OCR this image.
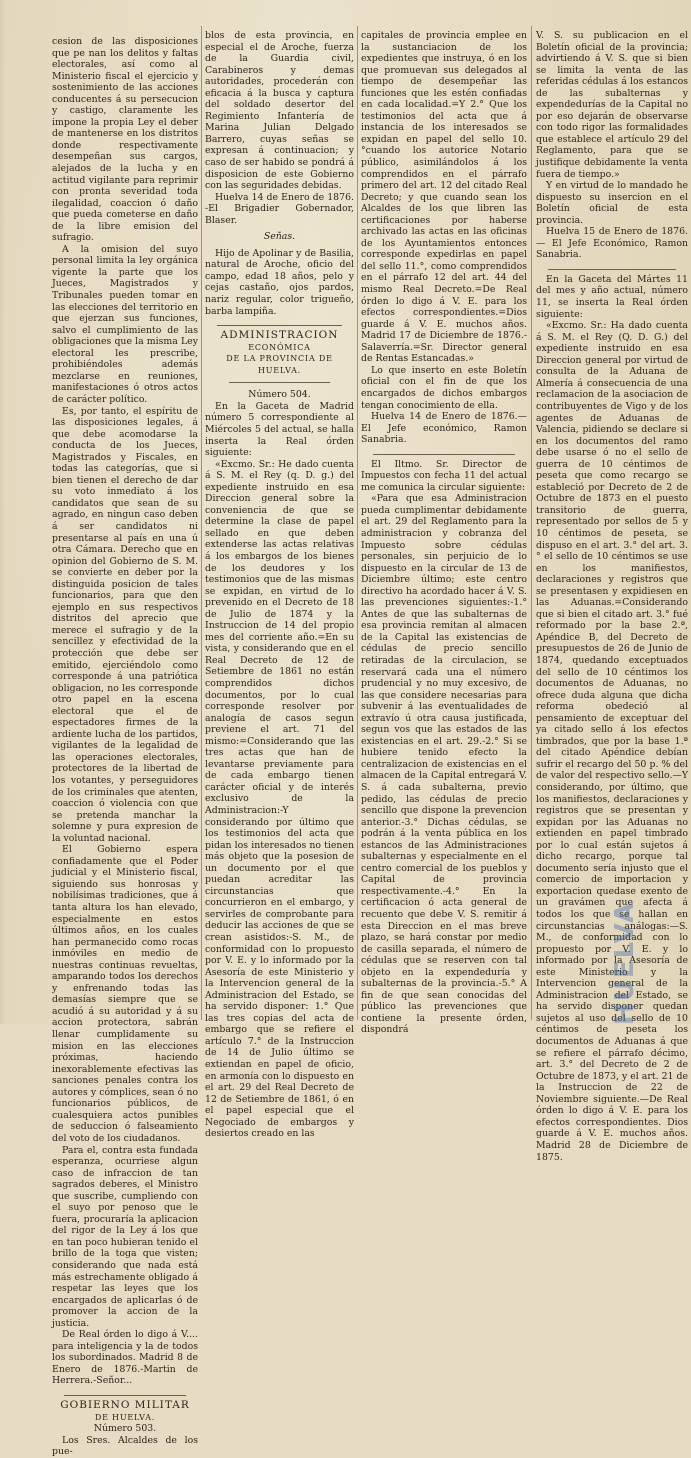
cesion de las disposiciones que pe nan los delitos y faltas electorales, así como al Ministerio fiscal el ejercicio y sostenimiento de las acciones conducentes á su persecucion y castigo, claramente les impone la propia Ley el deber de mantenerse en los distritos donde respectivamente desempeñan sus cargos, alejados de la lucha y en actitud vigilante para reprimir con pronta severidad toda ilegalidad, coaccion ó daño que pueda cometerse en daño de la libre emision del sufragio.

A la omision del suyo personal limita la ley orgánica vigente la parte que los Jueces, Magistrados y Tribunales pueden tomar en las elecciones del territorio en que ejerzan sus funciones, salvo el cumplimiento de las obligaciones que la misma Ley electoral les prescribe, prohibiéndoles además mezclarse en reuniones, manifestaciones ó otros actos de carácter político.

Es, por tanto, el espíritu de las disposiciones legales, á que debe acomodarse la conducta de los Jueces, Magistrados y Fiscales, en todas las categorías, que si bien tienen el derecho de dar su voto inmediato á los candidatos que sean de su agrado, en ningun caso deben á ser candidatos ni presentarse al país en una ú otra Cámara. Derecho que en opinion del Gobierno de S. M. se convierte en deber por la distinguida posicion de tales funcionarios, para que den ejemplo en sus respectivos distritos del aprecio que merece el sufragio y de la sencillez y efectividad de la protección que debe ser emitido, ejerciéndolo como corresponde á una patriótica obligacion, no les corresponde otro papel en la escena electoral que el de espectadores firmes de la ardiente lucha de los partidos, vigilantes de la legalidad de las operaciones electorales, protectores de la libertad de los votantes, y perseguidores de los criminales que atenten, coaccion ó violencia con que se pretenda manchar la solemne y pura expresion de la voluntad nacional.

El Gobierno espera confiadamente que el Poder judicial y el Ministerio fiscal, siguiendo sus honrosas y nobilísimas tradiciones, que á tanta altura los han elevado, especialmente en estos últimos años, en los cuales han permanecido como rocas inmóviles en medio de nuestras continuas revueltas, amparando todos los derechos y enfrenando todas las demasías siempre que se acudió á su autoridad y á su accion protectora, sabrán llenar cumplidamente su mision en las elecciones próximas, haciendo inexorablemente efectivas las sanciones penales contra los autores y cómplices, sean ó no funcionarios públicos, de cualesquiera actos punibles de seduccion ó falseamiento del voto de los ciudadanos.

Para el, contra esta fundada esperanza, ocurriese algun caso de infraccion de tan sagrados deberes, el Ministro que suscribe, cumpliendo con el suyo por penoso que le fuera, procuraría la aplicacion del rigor de la Ley á los que en tan poco hubieran tenido el brillo de la toga que visten; considerando que nada está más estrechamente obligado á respetar las leyes que los encargados de aplicarlas ó de promover la accion de la justicia.

De Real órden lo digo á V.... para inteligencia y la de todos los subordinados. Madrid 8 de Enero de 1876.-Martin de Herrera.-Señor...

GOBIERNO MILITAR

DE HUELVA.

Número 503.

Los Sres. Alcaldes de los pue-

blos de esta provincia, en especial el de Aroche, fuerza de la Guardia civil, Carabineros y demas autoridades, procederán con eficacia á la busca y captura del soldado desertor del Regimiento Infantería de Marina Julian Delgado Barrero, cuyas señas se expresan á continuacion; y caso de ser habido se pondrá á disposicion de este Gobierno con las seguridades debidas.

Huelva 14 de Enero de 1876. -El Brigadier Gobernador, Blaser.

Señas.

Hijo de Apolinar y de Basilia, natural de Aroche, oficio del campo, edad 18 años, pelo y cejas castaño, ojos pardos, nariz regular, color trigueño, barba lampiña.

ADMINISTRACION

ECONÓMICA

DE LA PROVINCIA DE HUELVA.

Número 504.

En la Gaceta de Madrid número 5 correspondiente al Miércoles 5 del actual, se halla inserta la Real órden siguiente:

«Excmo. Sr.: He dado cuenta á S. M. el Rey (q. D. g.) del expediente instruido en esa Direccion general sobre la conveniencia de que se determine la clase de papel sellado en que deben extenderse las actas relativas á los embargos de los bienes de los deudores y los testimonios que de las mismas se expidan, en virtud de lo prevenido en el Decreto de 18 de Julio de 1874 y la Instruccion de 14 del propio mes del corriente año.=En su vista, y considerando que en el Real Decreto de 12 de Setiembre de 1861 no están comprendidos dichos documentos, por lo cual corresponde resolver por analogía de casos segun previene el art. 71 del mismo:=Considerando que las tres actas que han de levantarse previamente para de cada embargo tienen carácter oficial y de interés exclusivo de la Administracion:-Y considerando por último que los testimonios del acta que pidan los interesados no tienen más objeto que la posesion de un documento por el que puedan acreditar las circunstancias que concurrieron en el embargo, y servirles de comprobante para deducir las acciones de que se crean asistidos:-S. M., de conformidad con lo propuesto por V. E. y lo informado por la Asesoría de este Ministerio y la Intervencion general de la Administracion del Estado, se ha servido disponer: 1.° Que las tres copias del acta de embargo que se refiere el artículo 7.° de la Instruccion de 14 de Julio último se extiendan en papel de oficio, en armonía con lo dispuesto en el art. 29 del Real Decreto de 12 de Setiembre de 1861, ó en el papel especial que el Negociado de embargos y desiertos creado en las

capitales de provincia emplee en la sustanciacion de los expedientes que instruya, ó en los que promuevan sus delegados al tiempo de desempeñar las funciones que les estén confiadas en cada localidad.=Y 2.° Que los testimonios del acta que á instancia de los interesados se expidan en papel del sello 10.°cuando los autorice Notario público, asimilándolos á los comprendidos en el párrafo primero del art. 12 del citado Real Decreto; y que cuando sean los Alcaldes de los que libren las certificaciones por haberse archivado las actas en las oficinas de los Ayuntamientos entonces corresponde expedirlas en papel del sello 11.°, como comprendidos en el párrafo 12 del art. 44 del mismo Real Decreto.=De Real órden lo digo á V. E. para los efectos correspondientes.=Dios guarde á V. E. muchos años. Madrid 17 de Diciembre de 1876.-Salaverría.=Sr. Director general de Rentas Estancadas.»

Lo que inserto en este Boletín oficial con el fin de que los encargados de dichos embargos tengan conocimiento de ella.

Huelva 14 de Enero de 1876.— El Jefe económico, Ramon Sanabria.

El Iltmo. Sr. Director de Impuestos con fecha 11 del actual me comunica la circular siguiente:

«Para que esa Administracion pueda cumplimentar debidamente el art. 29 del Reglamento para la administracion y cobranza del Impuesto sobre cédulas personales, sin perjuicio de lo dispuesto en la circular de 13 de Diciembre último; este centro directivo ha acordado hacer á V. S. las prevenciones siguientes:-1.° Antes de que las subalternas de esa provincia remitan al almacen de la Capital las existencias de cédulas de precio sencillo retiradas de la circulacion, se reservará cada una el número prudencial y no muy excesivo, de las que considere necesarias para subvenir á las eventualidades de extravío ú otra causa justificada, segun vos que las estados de las existencias en el art. 29.-2.° Si se hubiere tenido efecto la centralizacion de existencias en el almacen de la Capital entregará V. S. á cada subalterna, previo pedido, las cédulas de precio sencillo que dispone la prevencion anterior.-3.° Dichas cédulas, se podrán á la venta pública en los estancos de las Administraciones subalternas y especialmente en el centro comercial de los pueblos y Capital de provincia respectivamente.-4.° En la certificacion ó acta general de recuento que debe V. S. remitir á esta Direccion en el mas breve plazo, se hará constar por medio de casilla separada, el número de cédulas que se reserven con tal objeto en la expendeduría y subalternas de la provincia.-5.° A fin de que sean conocidas del público las prevenciones que contiene la presente órden, dispondrá

V. S. su publicacion en el Boletín oficial de la provincia; advirtiendo á V. S. que si bien se limita la venta de las referidas cédulas á los estancos de las subalternas y expendedurías de la Capital no por eso dejarán de observarse con todo rigor las formalidades que establece el artículo 29 del Reglamento, para que se justifique debidamente la venta fuera de tiempo.»

Y en virtud de lo mandado he dispuesto su insercion en el Boletín oficial de esta provincia.

Huelva 15 de Enero de 1876.— El Jefe Económico, Ramon Sanabria.

En la Gaceta del Mártes 11 del mes y año actual, número 11, se inserta la Real órden siguiente:

«Excmo. Sr.: Ha dado cuenta á S. M. el Rey (Q. D. G.) del expediente instruido en esa Direccion general por virtud de consulta de la Aduana de Almería á consecuencia de una reclamacion de la asociacion de contribuyentes de Vigo y de los agentes de Aduanas de Valencia, pidiendo se declare si en los documentos del ramo debe usarse ó no el sello de guerra de 10 céntimos de peseta que como recargo se estableció por Decreto de 2 de Octubre de 1873 en el puesto transitorio de guerra, representado por sellos de 5 y 10 céntimos de peseta, se dispuso en el art. 3.° del art. 3.° el sello de 10 céntimos se use en los manifiestos, declaraciones y registros que se presentasen y expidiesen en las Aduanas.=Considerando que si bien el citado art. 3.° fué reformado por la base 2.ª, Apéndice B, del Decreto de presupuestos de 26 de Junio de 1874, quedando exceptuados del sello de 10 céntimos los documentos de Aduanas, no ofrece duda alguna que dicha reforma obedeció al pensamiento de exceptuar del ya citado sello á los efectos timbrados, que por la base 1.ª del citado Apéndice debían sufrir el recargo del 50 p. % del de valor del respectivo sello.—Y considerando, por último, que los manifiestos, declaraciones y registros que se presentan y expidan por las Aduanas no extienden en papel timbrado por lo cual están sujetos á dicho recargo, porque tal documento sería injusto que el comercio de importacion y exportacion quedase exento de un gravámen que afecta á todos los que se hallan en circunstancias análogas:—S. M., de conformidad con lo propuesto por V. E. y lo informado por la Asesoría de este Ministerio y la Intervencion general de la Administracion del Estado, se ha servido disponer quedan sujetos al uso del sello de 10 céntimos de peseta los documentos de Aduanas á que se refiere el párrafo décimo, art. 3.° del Decreto de 2 de Octubre de 1873, y el art. 21 de la Instruccion de 22 de Noviembre siguiente.—De Real órden lo digo á V. E. para los efectos correspondientes. Dios guarde á V. E. muchos años. Madrid 28 de Diciembre de 1875.

HUELVA
